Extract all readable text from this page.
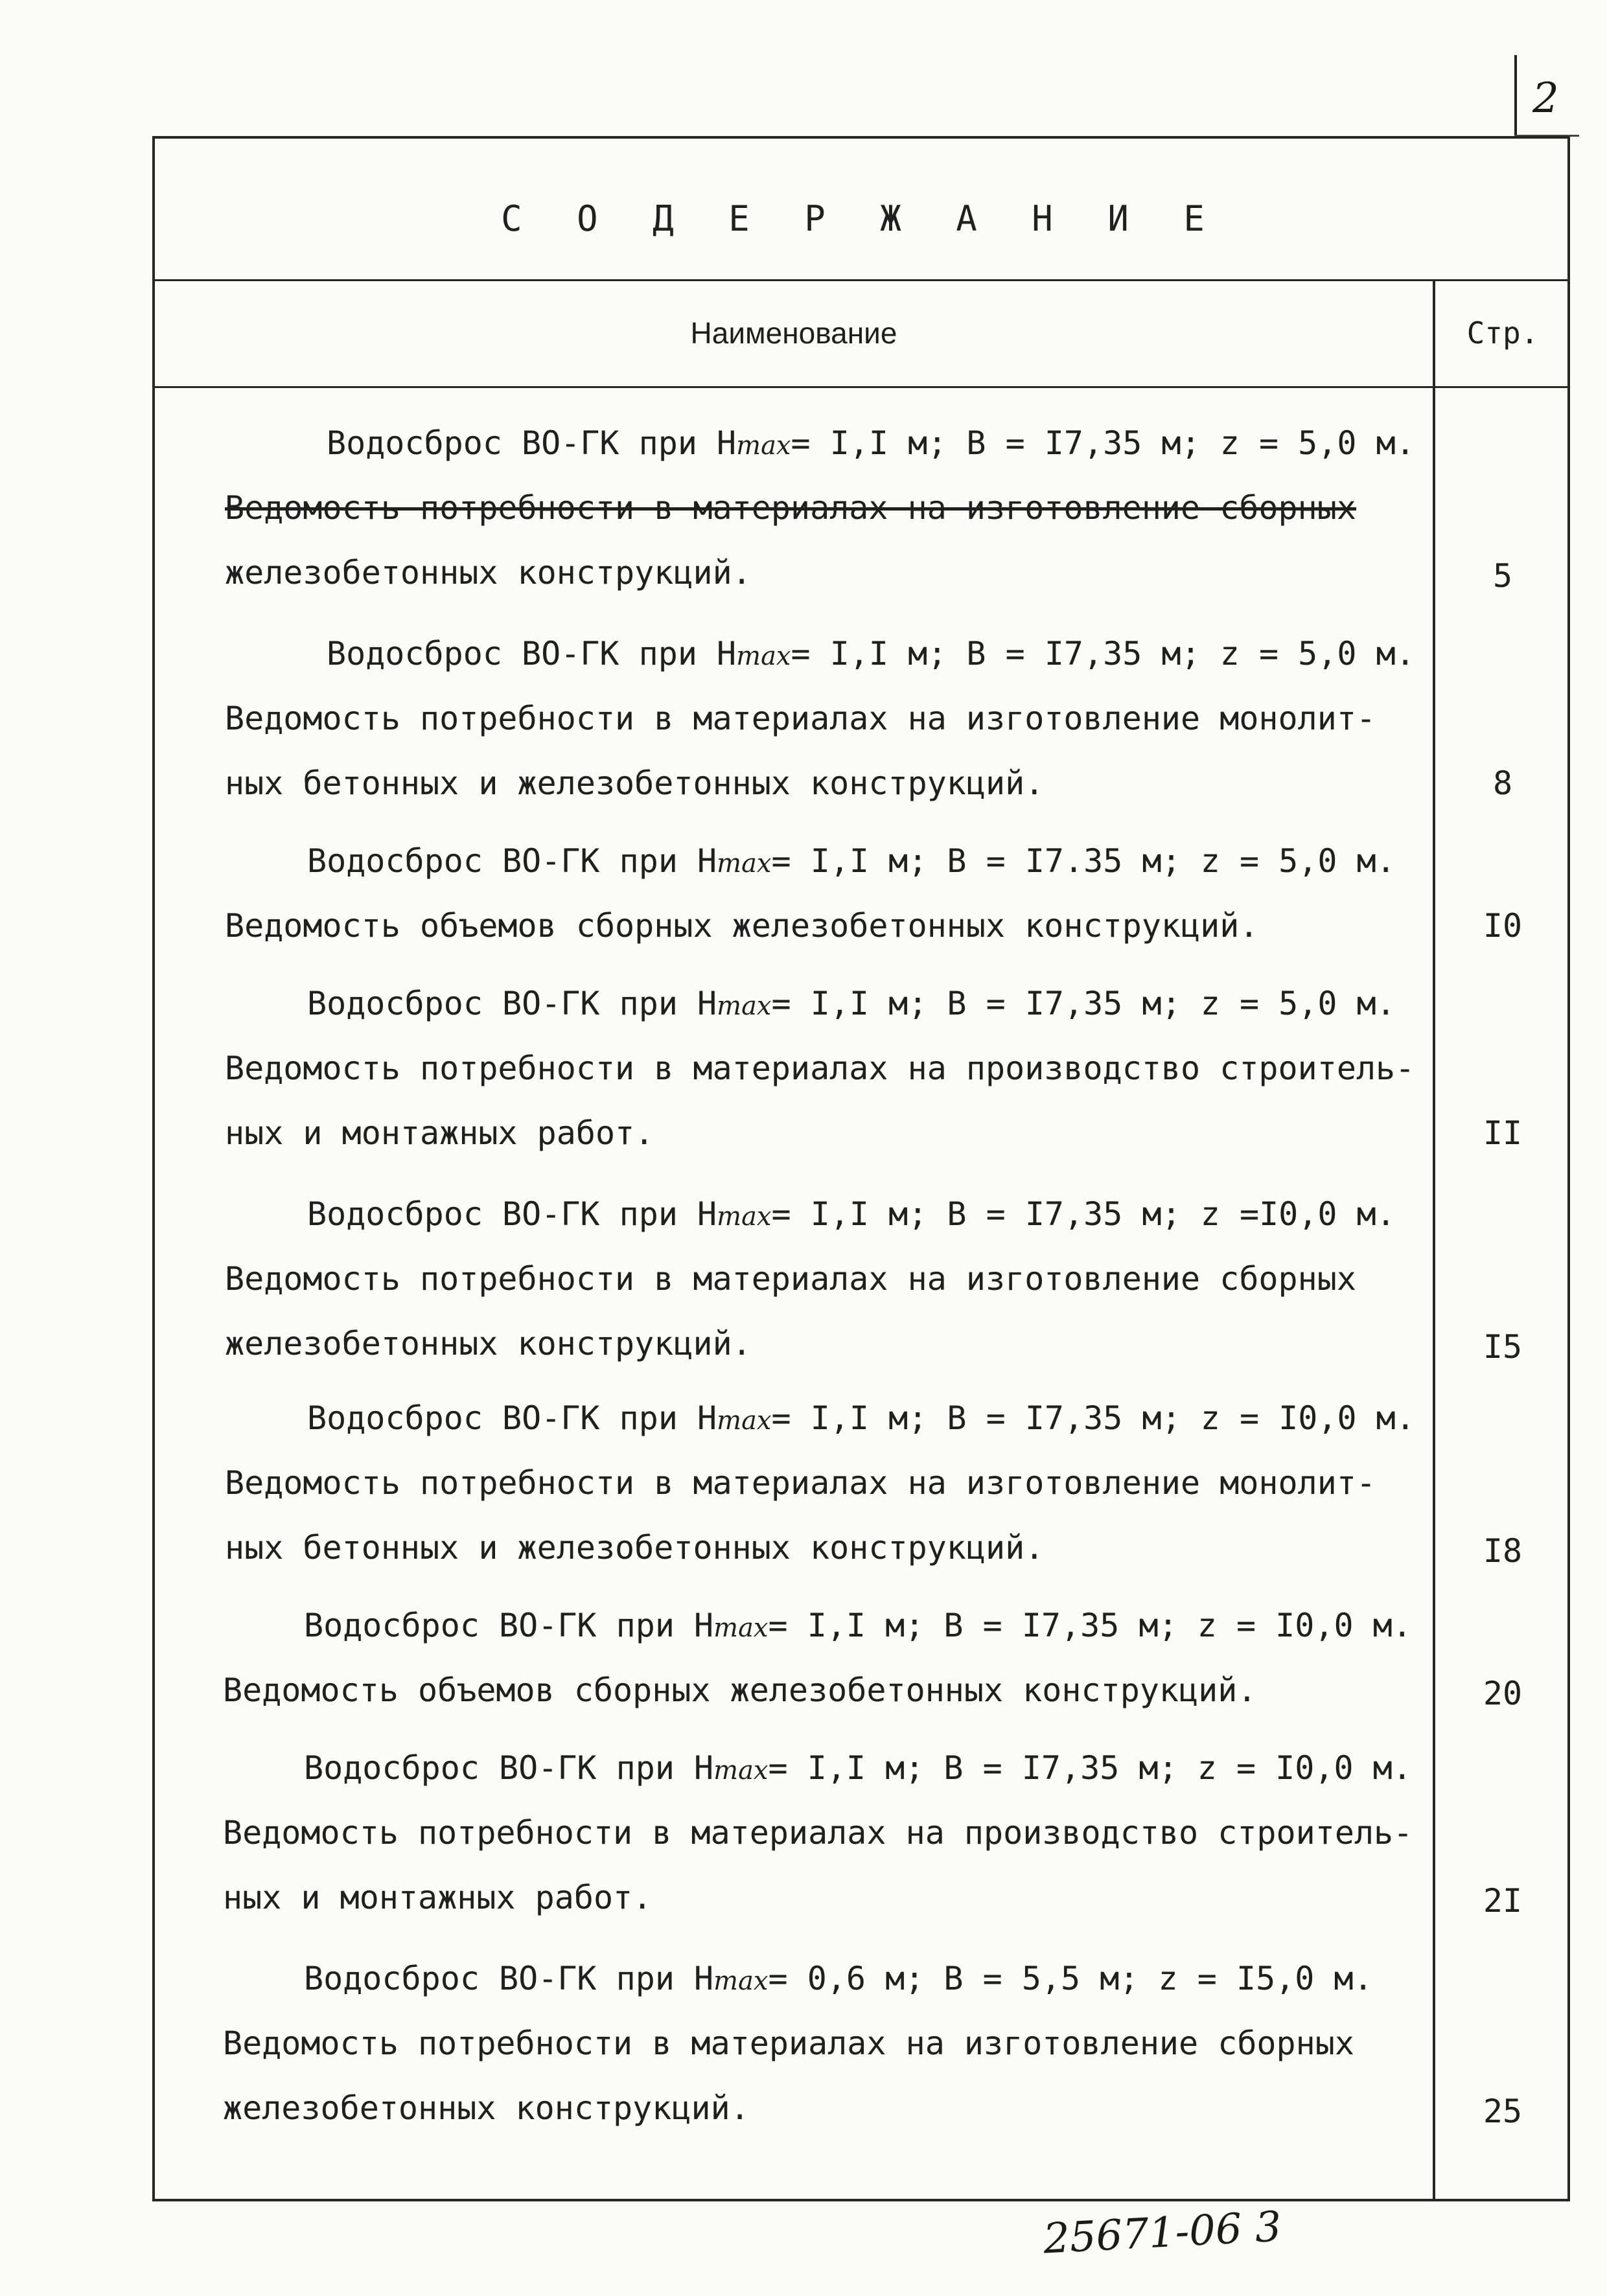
2
С О Д Е Р Ж А Н И Е
Наименование	Стр.
Водосброс ВО-ГК при Нmax= I,I м; В = I7,35 м; z = 5,0 м.
Ведомость потребности в материалах на изготовление сборных
железобетонных конструкций.	5
Водосброс ВО-ГК при Нmax= I,I м; В = I7,35 м; z = 5,0 м.
Ведомость потребности в материалах на изготовление монолит-
ных бетонных и железобетонных конструкций.	8
Водосброс ВО-ГК при Нmax= I,I м; В = I7.35 м; z = 5,0 м.
Ведомость объемов сборных железобетонных конструкций.	I0
Водосброс ВО-ГК при Нmax= I,I м; В = I7,35 м; z = 5,0 м.
Ведомость потребности в материалах на производство строитель-
ных и монтажных работ.	II
Водосброс ВО-ГК при Нmax= I,I м; В = I7,35 м; z =I0,0 м.
Ведомость потребности в материалах на изготовление сборных
железобетонных конструкций.	I5
Водосброс ВО-ГК при Нmax= I,I м; В = I7,35 м; z = I0,0 м.
Ведомость потребности в материалах на изготовление монолит-
ных бетонных и железобетонных конструкций.	I8
Водосброс ВО-ГК при Нmax= I,I м; В = I7,35 м; z = I0,0 м.
Ведомость объемов сборных железобетонных конструкций.	20
Водосброс ВО-ГК при Нmax= I,I м; В = I7,35 м; z = I0,0 м.
Ведомость потребности в материалах на производство строитель-
ных и монтажных работ.	2I
Водосброс ВО-ГК при Нmax= 0,6 м; В = 5,5 м; z = I5,0 м.
Ведомость потребности в материалах на изготовление сборных
железобетонных конструкций.	25
25671-06 3
